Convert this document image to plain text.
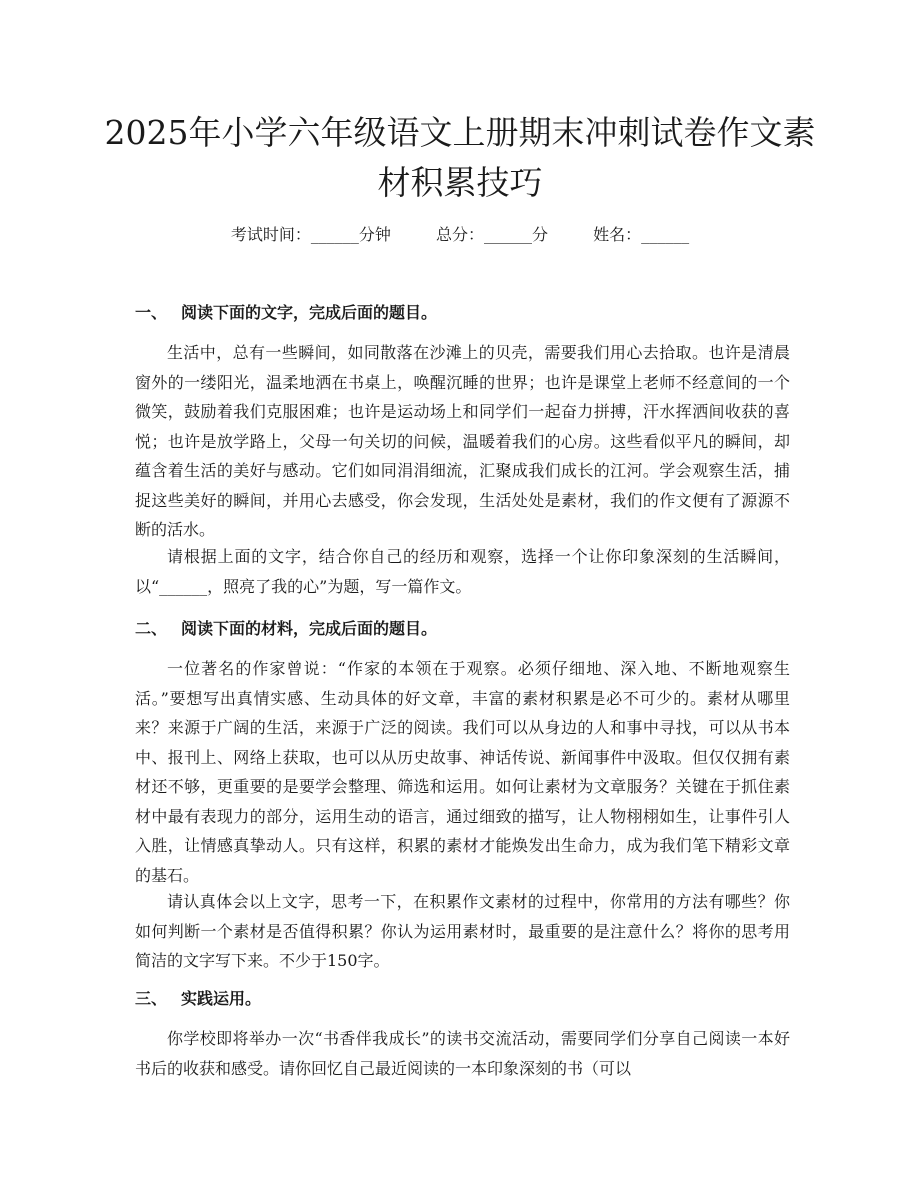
2025年小学六年级语文上册期末冲刺试卷作文素材积累技巧
考试时间：______分钟	总分：______分	姓名：______

一、 阅读下面的文字，完成后面的题目。

生活中，总有一些瞬间，如同散落在沙滩上的贝壳，需要我们用心去拾取。也许是清晨窗外的一缕阳光，温柔地洒在书桌上，唤醒沉睡的世界；也许是课堂上老师不经意间的一个微笑，鼓励着我们克服困难；也许是运动场上和同学们一起奋力拼搏，汗水挥洒间收获的喜悦；也许是放学路上，父母一句关切的问候，温暖着我们的心房。这些看似平凡的瞬间，却蕴含着生活的美好与感动。它们如同涓涓细流，汇聚成我们成长的江河。学会观察生活，捕捉这些美好的瞬间，并用心去感受，你会发现，生活处处是素材，我们的作文便有了源源不断的活水。

请根据上面的文字，结合你自己的经历和观察，选择一个让你印象深刻的生活瞬间，以“______，照亮了我的心”为题，写一篇作文。

二、 阅读下面的材料，完成后面的题目。

一位著名的作家曾说：“作家的本领在于观察。必须仔细地、深入地、不断地观察生活。”要想写出真情实感、生动具体的好文章，丰富的素材积累是必不可少的。素材从哪里来？来源于广阔的生活，来源于广泛的阅读。我们可以从身边的人和事中寻找，可以从书本中、报刊上、网络上获取，也可以从历史故事、神话传说、新闻事件中汲取。但仅仅拥有素材还不够，更重要的是要学会整理、筛选和运用。如何让素材为文章服务？关键在于抓住素材中最有表现力的部分，运用生动的语言，通过细致的描写，让人物栩栩如生，让事件引人入胜，让情感真挚动人。只有这样，积累的素材才能焕发出生命力，成为我们笔下精彩文章的基石。

请认真体会以上文字，思考一下，在积累作文素材的过程中，你常用的方法有哪些？你如何判断一个素材是否值得积累？你认为运用素材时，最重要的是注意什么？将你的思考用简洁的文字写下来。不少于150字。

三、 实践运用。

你学校即将举办一次“书香伴我成长”的读书交流活动，需要同学们分享自己阅读一本好书后的收获和感受。请你回忆自己最近阅读的一本印象深刻的书（可以
